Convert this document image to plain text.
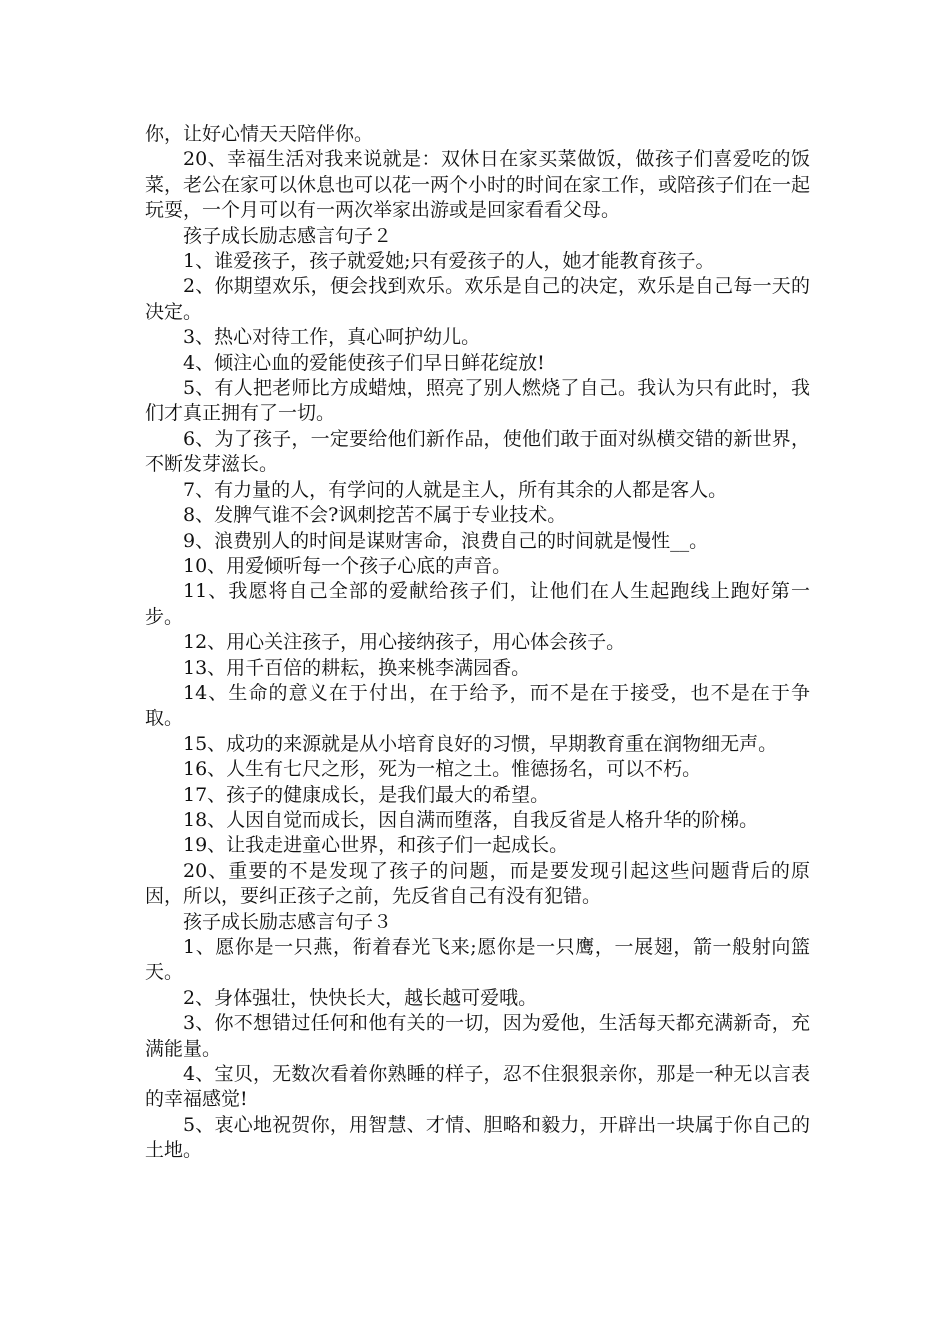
你，让好心情天天陪伴你。

20、幸福生活对我来说就是：双休日在家买菜做饭，做孩子们喜爱吃的饭菜，老公在家可以休息也可以花一两个小时的时间在家工作，或陪孩子们在一起玩耍，一个月可以有一两次举家出游或是回家看看父母。

孩子成长励志感言句子２

1、谁爱孩子，孩子就爱她;只有爱孩子的人，她才能教育孩子。

2、你期望欢乐，便会找到欢乐。欢乐是自己的决定，欢乐是自己每一天的决定。

3、热心对待工作，真心呵护幼儿。

4、倾注心血的爱能使孩子们早日鲜花绽放!

5、有人把老师比方成蜡烛，照亮了别人燃烧了自己。我认为只有此时，我们才真正拥有了一切。

6、为了孩子，一定要给他们新作品，使他们敢于面对纵横交错的新世界，不断发芽滋长。

7、有力量的人，有学问的人就是主人，所有其余的人都是客人。

8、发脾气谁不会?讽刺挖苦不属于专业技术。

9、浪费别人的时间是谋财害命，浪费自己的时间就是慢性__。

10、用爱倾听每一个孩子心底的声音。

11、我愿将自己全部的爱献给孩子们，让他们在人生起跑线上跑好第一步。

12、用心关注孩子，用心接纳孩子，用心体会孩子。

13、用千百倍的耕耘，换来桃李满园香。

14、生命的意义在于付出，在于给予，而不是在于接受，也不是在于争取。

15、成功的来源就是从小培育良好的习惯，早期教育重在润物细无声。

16、人生有七尺之形，死为一棺之土。惟德扬名，可以不朽。

17、孩子的健康成长，是我们最大的希望。

18、人因自觉而成长，因自满而堕落，自我反省是人格升华的阶梯。

19、让我走进童心世界，和孩子们一起成长。

20、重要的不是发现了孩子的问题，而是要发现引起这些问题背后的原因，所以，要纠正孩子之前，先反省自己有没有犯错。

孩子成长励志感言句子３

1、愿你是一只燕，衔着春光飞来;愿你是一只鹰，一展翅，箭一般射向篮天。

2、身体强壮，快快长大，越长越可爱哦。

3、你不想错过任何和他有关的一切，因为爱他，生活每天都充满新奇，充满能量。

4、宝贝，无数次看着你熟睡的样子，忍不住狠狠亲你，那是一种无以言表的幸福感觉!

5、衷心地祝贺你，用智慧、才情、胆略和毅力，开辟出一块属于你自己的土地。
